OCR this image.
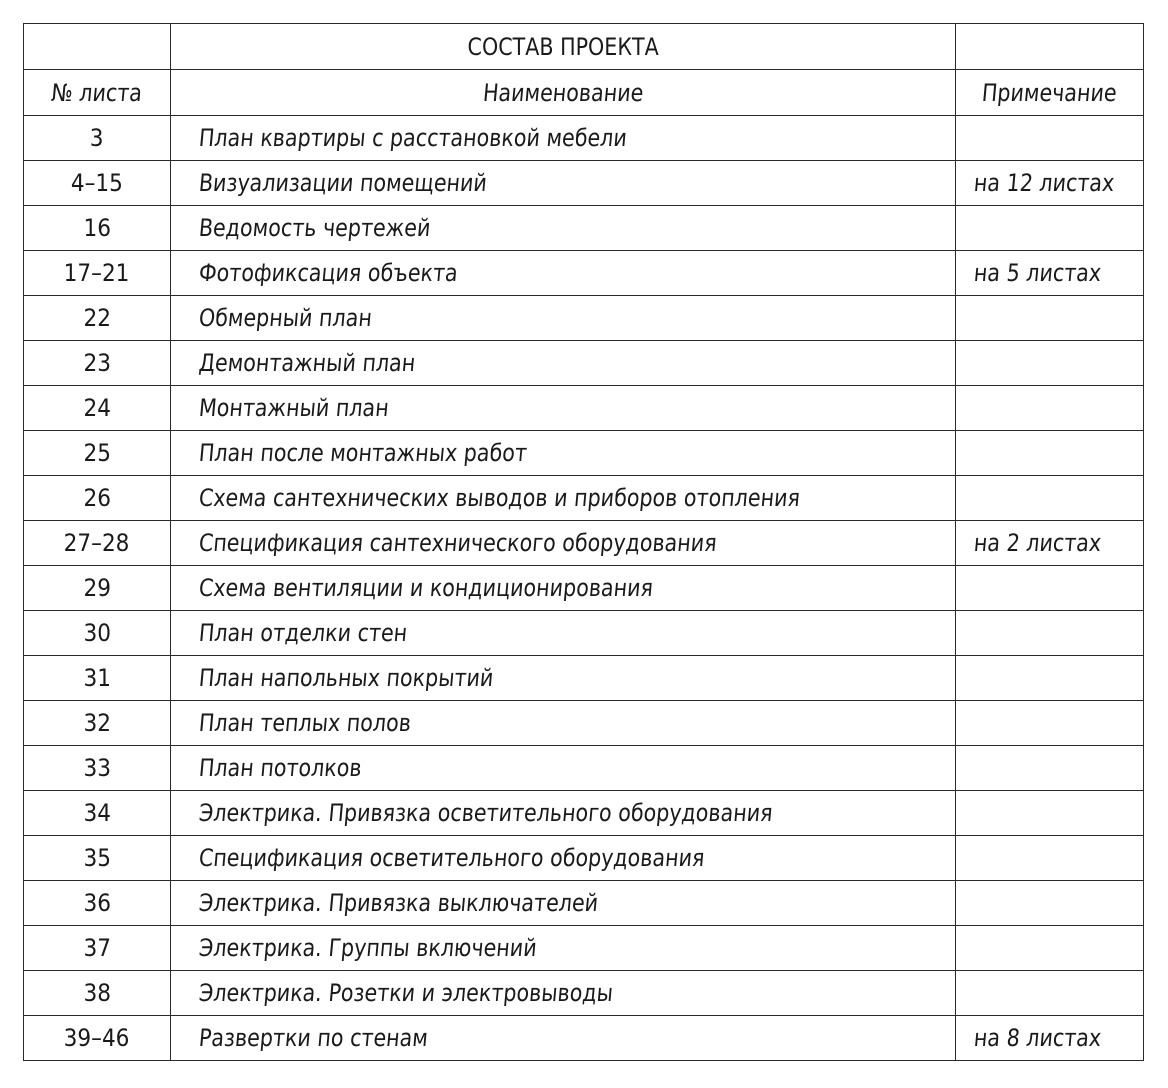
	СОСТАВ ПРОЕКТА	
№ листа	Наименование	Примечание
3	План квартиры с расстановкой мебели	
4–15	Визуализации помещений	на 12 листах
16	Ведомость чертежей	
17–21	Фотофиксация объекта	на 5 листах
22	Обмерный план	
23	Демонтажный план	
24	Монтажный план	
25	План после монтажных работ	
26	Схема сантехнических выводов и приборов отопления	
27–28	Спецификация сантехнического оборудования	на 2 листах
29	Схема вентиляции и кондиционирования	
30	План отделки стен	
31	План напольных покрытий	
32	План теплых полов	
33	План потолков	
34	Электрика. Привязка осветительного оборудования	
35	Спецификация осветительного оборудования	
36	Электрика. Привязка выключателей	
37	Электрика. Группы включений	
38	Электрика. Розетки и электровыводы	
39–46	Развертки по стенам	на 8 листах
